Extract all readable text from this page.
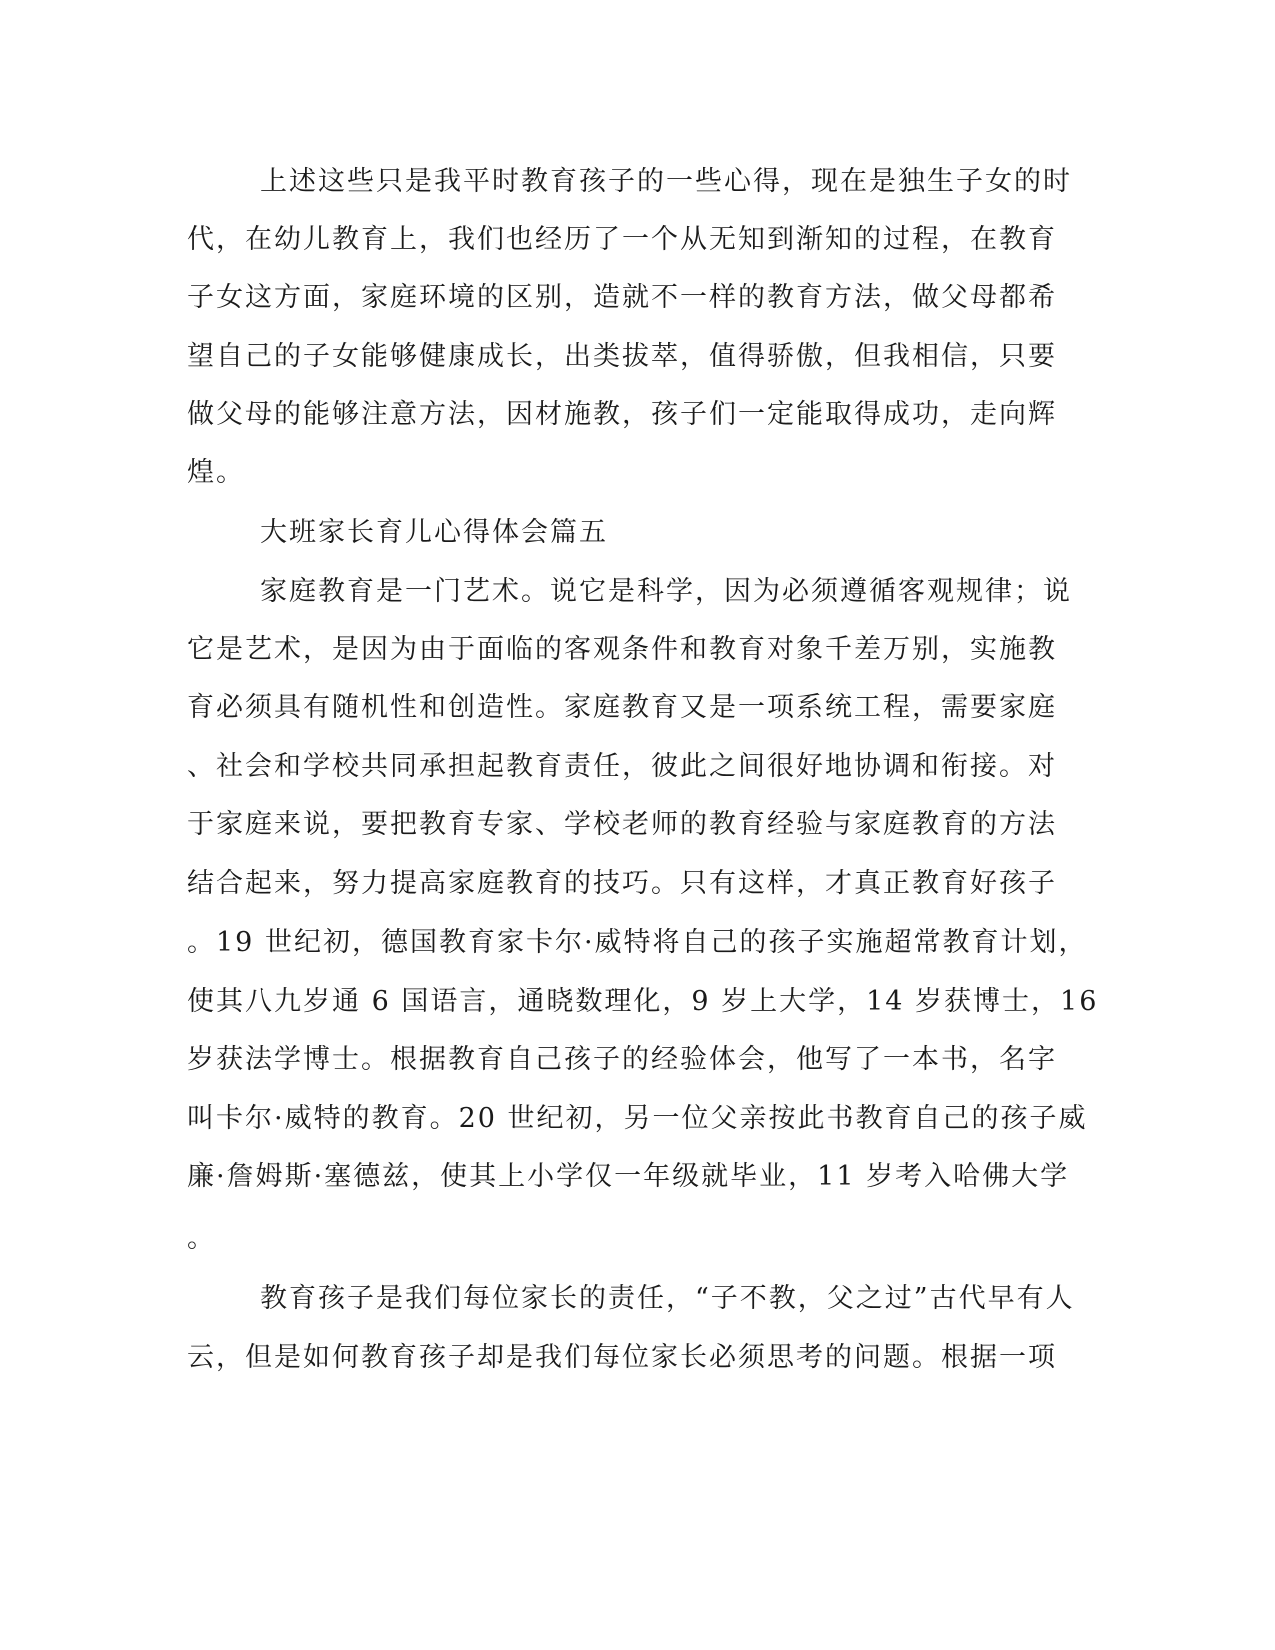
上述这些只是我平时教育孩子的一些心得，现在是独生子女的时
代，在幼儿教育上，我们也经历了一个从无知到渐知的过程，在教育
子女这方面，家庭环境的区别，造就不一样的教育方法，做父母都希
望自己的子女能够健康成长，出类拔萃，值得骄傲，但我相信，只要
做父母的能够注意方法，因材施教，孩子们一定能取得成功，走向辉
煌。
大班家长育儿心得体会篇五
家庭教育是一门艺术。说它是科学，因为必须遵循客观规律；说
它是艺术，是因为由于面临的客观条件和教育对象千差万别，实施教
育必须具有随机性和创造性。家庭教育又是一项系统工程，需要家庭
、社会和学校共同承担起教育责任，彼此之间很好地协调和衔接。对
于家庭来说，要把教育专家、学校老师的教育经验与家庭教育的方法
结合起来，努力提高家庭教育的技巧。只有这样，才真正教育好孩子
。19 世纪初，德国教育家卡尔·威特将自己的孩子实施超常教育计划，
使其八九岁通 6 国语言，通晓数理化，9 岁上大学，14 岁获博士，16
岁获法学博士。根据教育自己孩子的经验体会，他写了一本书，名字
叫卡尔·威特的教育。20 世纪初，另一位父亲按此书教育自己的孩子威
廉·詹姆斯·塞德兹，使其上小学仅一年级就毕业，11 岁考入哈佛大学
。
教育孩子是我们每位家长的责任，“子不教，父之过”古代早有人
云，但是如何教育孩子却是我们每位家长必须思考的问题。根据一项
